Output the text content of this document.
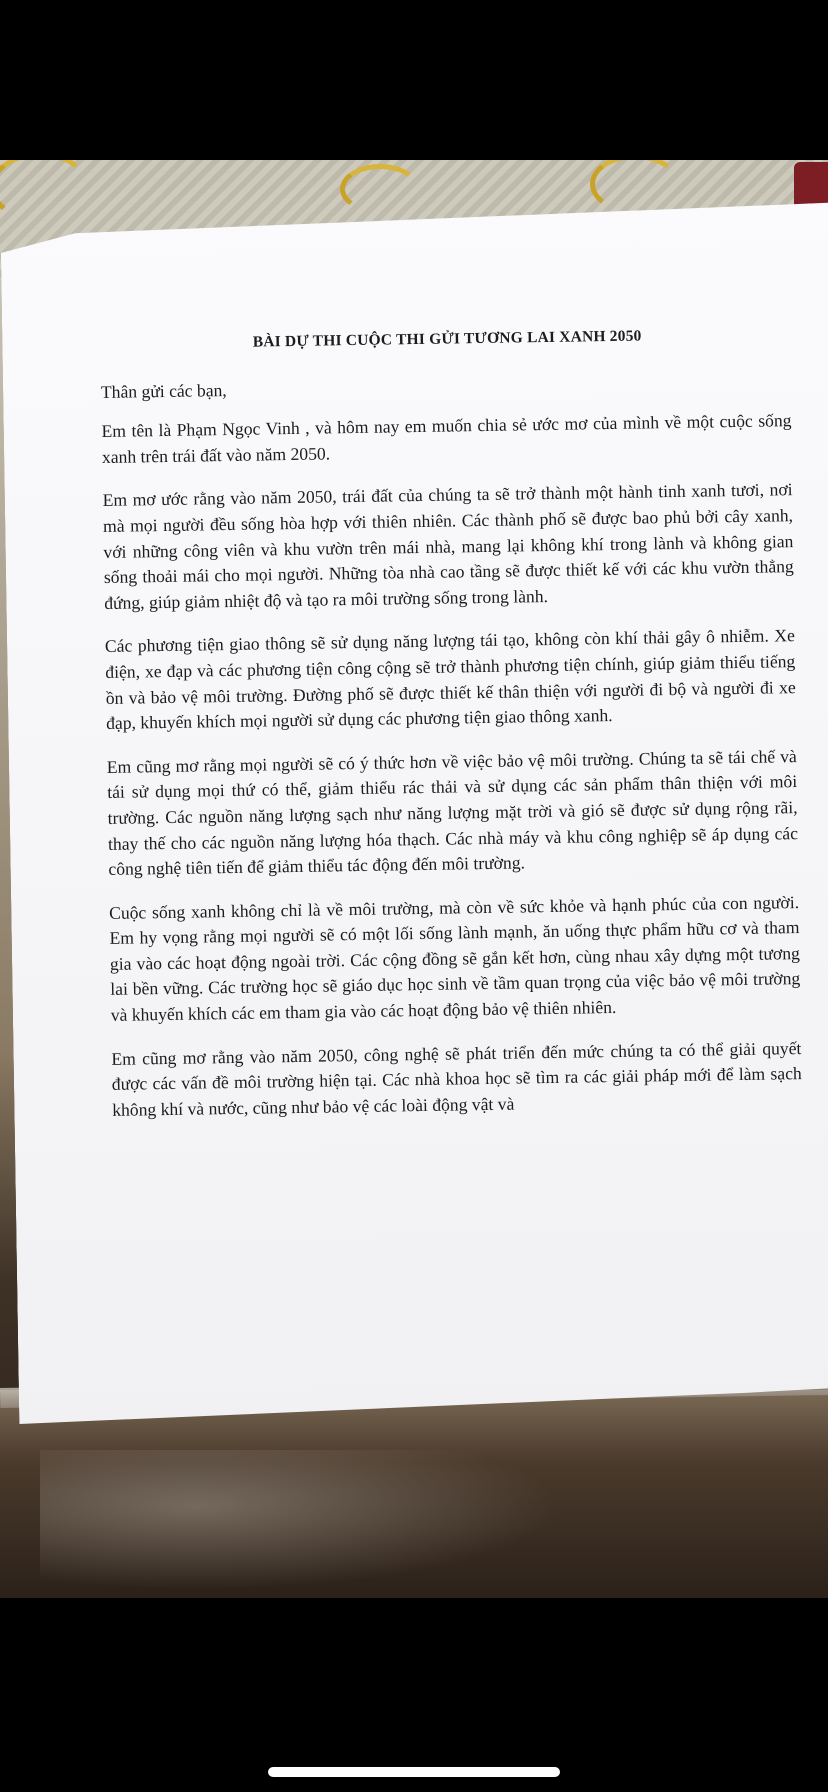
BÀI DỰ THI CUỘC THI GỬI TƯƠNG LAI XANH 2050
Thân gửi các bạn,

Em tên là Phạm Ngọc Vinh , và hôm nay em muốn chia sẻ ước mơ của mình về một cuộc sống xanh trên trái đất vào năm 2050.

Em mơ ước rằng vào năm 2050, trái đất của chúng ta sẽ trở thành một hành tinh xanh tươi, nơi mà mọi người đều sống hòa hợp với thiên nhiên. Các thành phố sẽ được bao phủ bởi cây xanh, với những công viên và khu vườn trên mái nhà, mang lại không khí trong lành và không gian sống thoải mái cho mọi người. Những tòa nhà cao tầng sẽ được thiết kế với các khu vườn thẳng đứng, giúp giảm nhiệt độ và tạo ra môi trường sống trong lành.

Các phương tiện giao thông sẽ sử dụng năng lượng tái tạo, không còn khí thải gây ô nhiễm. Xe điện, xe đạp và các phương tiện công cộng sẽ trở thành phương tiện chính, giúp giảm thiểu tiếng ồn và bảo vệ môi trường. Đường phố sẽ được thiết kế thân thiện với người đi bộ và người đi xe đạp, khuyến khích mọi người sử dụng các phương tiện giao thông xanh.

Em cũng mơ rằng mọi người sẽ có ý thức hơn về việc bảo vệ môi trường. Chúng ta sẽ tái chế và tái sử dụng mọi thứ có thể, giảm thiểu rác thải và sử dụng các sản phẩm thân thiện với môi trường. Các nguồn năng lượng sạch như năng lượng mặt trời và gió sẽ được sử dụng rộng rãi, thay thế cho các nguồn năng lượng hóa thạch. Các nhà máy và khu công nghiệp sẽ áp dụng các công nghệ tiên tiến để giảm thiểu tác động đến môi trường.

Cuộc sống xanh không chỉ là về môi trường, mà còn về sức khỏe và hạnh phúc của con người. Em hy vọng rằng mọi người sẽ có một lối sống lành mạnh, ăn uống thực phẩm hữu cơ và tham gia vào các hoạt động ngoài trời. Các cộng đồng sẽ gắn kết hơn, cùng nhau xây dựng một tương lai bền vững. Các trường học sẽ giáo dục học sinh về tầm quan trọng của việc bảo vệ môi trường và khuyến khích các em tham gia vào các hoạt động bảo vệ thiên nhiên.

Em cũng mơ rằng vào năm 2050, công nghệ sẽ phát triển đến mức chúng ta có thể giải quyết được các vấn đề môi trường hiện tại. Các nhà khoa học sẽ tìm ra các giải pháp mới để làm sạch không khí và nước, cũng như bảo vệ các loài động vật và
